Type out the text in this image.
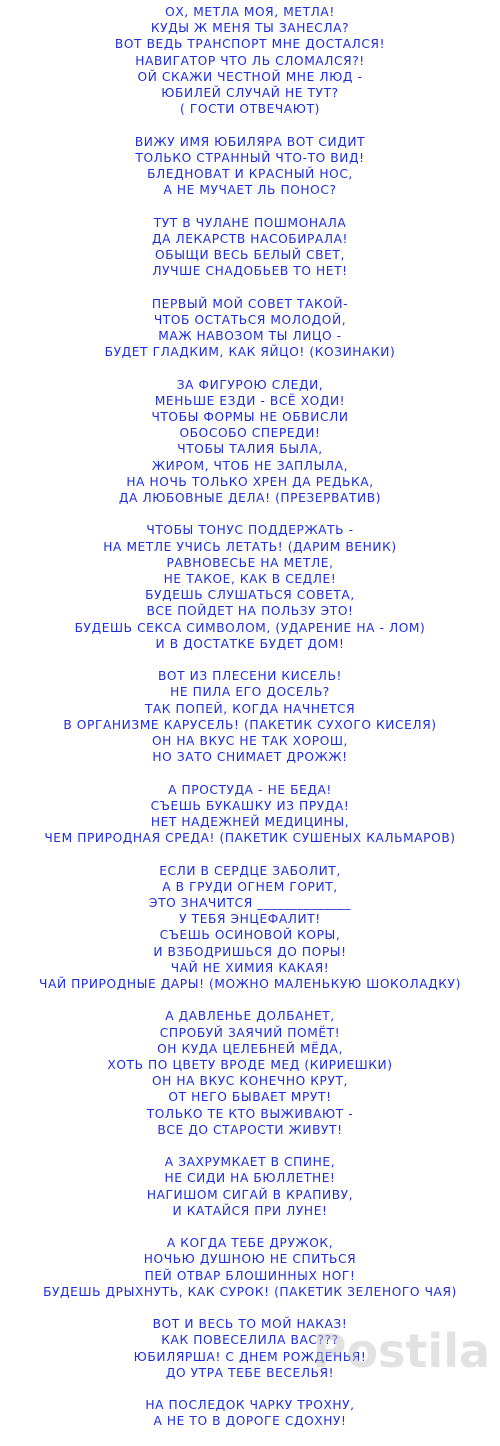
ОХ, МЕТЛА МОЯ, МЕТЛА!
КУДЫ Ж МЕНЯ ТЫ ЗАНЕСЛА?
ВОТ ВЕДЬ ТРАНСПОРТ МНЕ ДОСТАЛСЯ!
НАВИГАТОР ЧТО ЛЬ СЛОМАЛСЯ?!
ОЙ СКАЖИ ЧЕСТНОЙ МНЕ ЛЮД -
ЮБИЛЕЙ СЛУЧАЙ НЕ ТУТ?
( ГОСТИ ОТВЕЧАЮТ)
ВИЖУ ИМЯ ЮБИЛЯРА ВОТ СИДИТ
ТОЛЬКО СТРАННЫЙ ЧТО-ТО ВИД!
БЛЕДНОВАТ И КРАСНЫЙ НОС,
А НЕ МУЧАЕТ ЛЬ ПОНОС?
ТУТ В ЧУЛАНЕ ПОШМОНАЛА
ДА ЛЕКАРСТВ НАСОБИРАЛА!
ОБЫЩИ ВЕСЬ БЕЛЫЙ СВЕТ,
ЛУЧШЕ СНАДОБЬЕВ ТО НЕТ!
ПЕРВЫЙ МОЙ СОВЕТ ТАКОЙ-
ЧТОБ ОСТАТЬСЯ МОЛОДОЙ,
МАЖ НАВОЗОМ ТЫ ЛИЦО -
БУДЕТ ГЛАДКИМ, КАК ЯЙЦО! (КОЗИНАКИ)
ЗА ФИГУРОЮ СЛЕДИ,
МЕНЬШЕ ЕЗДИ - ВСЁ ХОДИ!
ЧТОБЫ ФОРМЫ НЕ ОБВИСЛИ
ОБОСОБО СПЕРЕДИ!
ЧТОБЫ ТАЛИЯ БЫЛА,
ЖИРОМ, ЧТОБ НЕ ЗАПЛЫЛА,
НА НОЧЬ ТОЛЬКО ХРЕН ДА РЕДЬКА,
ДА ЛЮБОВНЫЕ ДЕЛА! (ПРЕЗЕРВАТИВ)
ЧТОБЫ ТОНУС ПОДДЕРЖАТЬ -
НА МЕТЛЕ УЧИСЬ ЛЕТАТЬ! (ДАРИМ ВЕНИК)
РАВНОВЕСЬЕ НА МЕТЛЕ,
НЕ ТАКОЕ, КАК В СЕДЛЕ!
БУДЕШЬ СЛУШАТЬСЯ СОВЕТА,
ВСЕ ПОЙДЕТ НА ПОЛЬЗУ ЭТО!
БУДЕШЬ СЕКСА СИМВОЛОМ, (УДАРЕНИЕ НА - ЛОМ)
И В ДОСТАТКЕ БУДЕТ ДОМ!
ВОТ ИЗ ПЛЕСЕНИ КИСЕЛЬ!
НЕ ПИЛА ЕГО ДОСЕЛЬ?
ТАК ПОПЕЙ, КОГДА НАЧНЕТСЯ
В ОРГАНИЗМЕ КАРУСЕЛЬ! (ПАКЕТИК СУХОГО КИСЕЛЯ)
ОН НА ВКУС НЕ ТАК ХОРОШ,
НО ЗАТО СНИМАЕТ ДРОЖЖ!
А ПРОСТУДА - НЕ БЕДА!
СЪЕШЬ БУКАШКУ ИЗ ПРУДА!
НЕТ НАДЕЖНЕЙ МЕДИЦИНЫ,
ЧЕМ ПРИРОДНАЯ СРЕДА! (ПАКЕТИК СУШЕНЫХ КАЛЬМАРОВ)
ЕСЛИ В СЕРДЦЕ ЗАБОЛИТ,
А В ГРУДИ ОГНЕМ ГОРИТ,
ЭТО ЗНАЧИТСЯ ______________
У ТЕБЯ ЭНЦЕФАЛИТ!
СЪЕШЬ ОСИНОВОЙ КОРЫ,
И ВЗБОДРИШЬСЯ ДО ПОРЫ!
ЧАЙ НЕ ХИМИЯ КАКАЯ!
ЧАЙ ПРИРОДНЫЕ ДАРЫ! (МОЖНО МАЛЕНЬКУЮ ШОКОЛАДКУ)
А ДАВЛЕНЬЕ ДОЛБАНЕТ,
СПРОБУЙ ЗАЯЧИЙ ПОМЁТ!
ОН КУДА ЦЕЛЕБНЕЙ МЁДА,
ХОТЬ ПО ЦВЕТУ ВРОДЕ МЕД (КИРИЕШКИ)
ОН НА ВКУС КОНЕЧНО КРУТ,
ОТ НЕГО БЫВАЕТ МРУТ!
ТОЛЬКО ТЕ КТО ВЫЖИВАЮТ -
ВСЕ ДО СТАРОСТИ ЖИВУТ!
А ЗАХРУМКАЕТ В СПИНЕ,
НЕ СИДИ НА БЮЛЛЕТНЕ!
НАГИШОМ СИГАЙ В КРАПИВУ,
И КАТАЙСЯ ПРИ ЛУНЕ!
А КОГДА ТЕБЕ ДРУЖОК,
НОЧЬЮ ДУШНОЮ НЕ СПИТЬСЯ
ПЕЙ ОТВАР БЛОШИННЫХ НОГ!
БУДЕШЬ ДРЫХНУТЬ, КАК СУРОК! (ПАКЕТИК ЗЕЛЕНОГО ЧАЯ)
ВОТ И ВЕСЬ ТО МОЙ НАКАЗ!
КАК ПОВЕСЕЛИЛА ВАС???
ЮБИЛЯРША! С ДНЕМ РОЖДЕНЬЯ!
ДО УТРА ТЕБЕ ВЕСЕЛЬЯ!
НА ПОСЛЕДОК ЧАРКУ ТРОХНУ,
А НЕ ТО В ДОРОГЕ СДОХНУ!
Postila
